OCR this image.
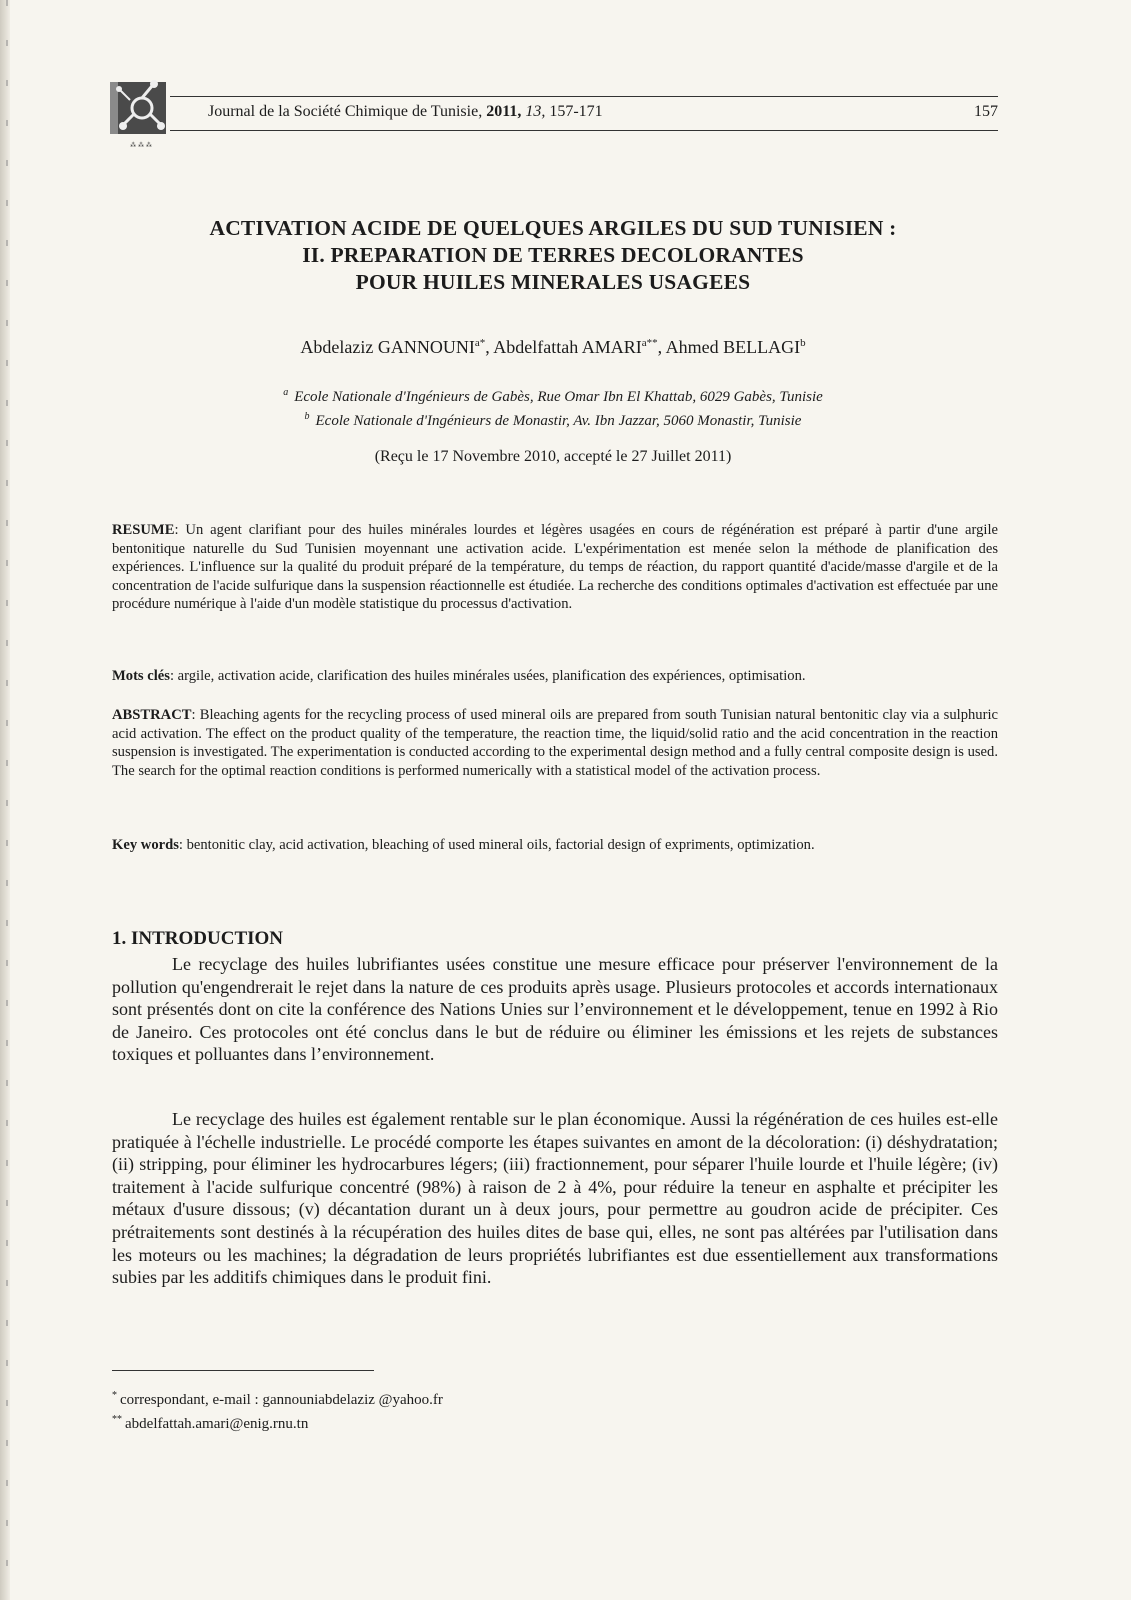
⁂ ⁂ ⁂
Journal de la Société Chimique de Tunisie, 2011, 13, 157-171	157
ACTIVATION ACIDE DE QUELQUES ARGILES DU SUD TUNISIEN :
II. PREPARATION DE TERRES DECOLORANTES
POUR HUILES MINERALES USAGEES
Abdelaziz $GANNOUNI^{a*}$, Abdelfattah $AMARI^{a**}$, Ahmed BELLAGI$^b$
$^a$ Ecole Nationale d'Ingénieurs de Gabès, Rue Omar Ibn El Khattab, 6029 Gabès, Tunisie
$^b$ Ecole Nationale d'Ingénieurs de Monastir, Av. Ibn Jazzar, 5060 Monastir, Tunisie
(Reçu le 17 Novembre 2010, accepté le 27 Juillet 2011)
RESUME: Un agent clarifiant pour des huiles minérales lourdes et légères usagées en cours de régénération est préparé à partir d'une argile bentonitique naturelle du Sud Tunisien moyennant une activation acide. L'expérimentation est menée selon la méthode de planification des expériences. L'influence sur la qualité du produit préparé de la température, du temps de réaction, du rapport quantité d'acide/masse d'argile et de la concentration de l'acide sulfurique dans la suspension réactionnelle est étudiée. La recherche des conditions optimales d'activation est effectuée par une procédure numérique à l'aide d'un modèle statistique du processus d'activation.
Mots clés: argile, activation acide, clarification des huiles minérales usées, planification des expériences, optimisation.
ABSTRACT: Bleaching agents for the recycling process of used mineral oils are prepared from south Tunisian natural bentonitic clay via a sulphuric acid activation. The effect on the product quality of the temperature, the reaction time, the liquid/solid ratio and the acid concentration in the reaction suspension is investigated. The experimentation is conducted according to the experimental design method and a fully central composite design is used. The search for the optimal reaction conditions is performed numerically with a statistical model of the activation process.
Key words: bentonitic clay, acid activation, bleaching of used mineral oils, factorial design of expriments, optimization.
1. INTRODUCTION

Le recyclage des huiles lubrifiantes usées constitue une mesure efficace pour préserver l'environnement de la pollution qu'engendrerait le rejet dans la nature de ces produits après usage. Plusieurs protocoles et accords internationaux sont présentés dont on cite la conférence des Nations Unies sur l’environnement et le développement, tenue en 1992 à Rio de Janeiro. Ces protocoles ont été conclus dans le but de réduire ou éliminer les émissions et les rejets de substances toxiques et polluantes dans l’environnement.

Le recyclage des huiles est également rentable sur le plan économique. Aussi la régénération de ces huiles est-elle pratiquée à l'échelle industrielle. Le procédé comporte les étapes suivantes en amont de la décoloration: (i) déshydratation; (ii) stripping, pour éliminer les hydrocarbures légers; (iii) fractionnement, pour séparer l'huile lourde et l'huile légère; (iv) traitement à l'acide sulfurique concentré (98%) à raison de 2 à 4%, pour réduire la teneur en asphalte et précipiter les métaux d'usure dissous; (v) décantation durant un à deux jours, pour permettre au goudron acide de précipiter. Ces prétraitements sont destinés à la récupération des huiles dites de base qui, elles, ne sont pas altérées par l'utilisation dans les moteurs ou les machines; la dégradation de leurs propriétés lubrifiantes est due essentiellement aux transformations subies par les additifs chimiques dans le produit fini.

* correspondant, e-mail : gannouniabdelaziz @yahoo.fr
** abdelfattah.amari@enig.rnu.tn
